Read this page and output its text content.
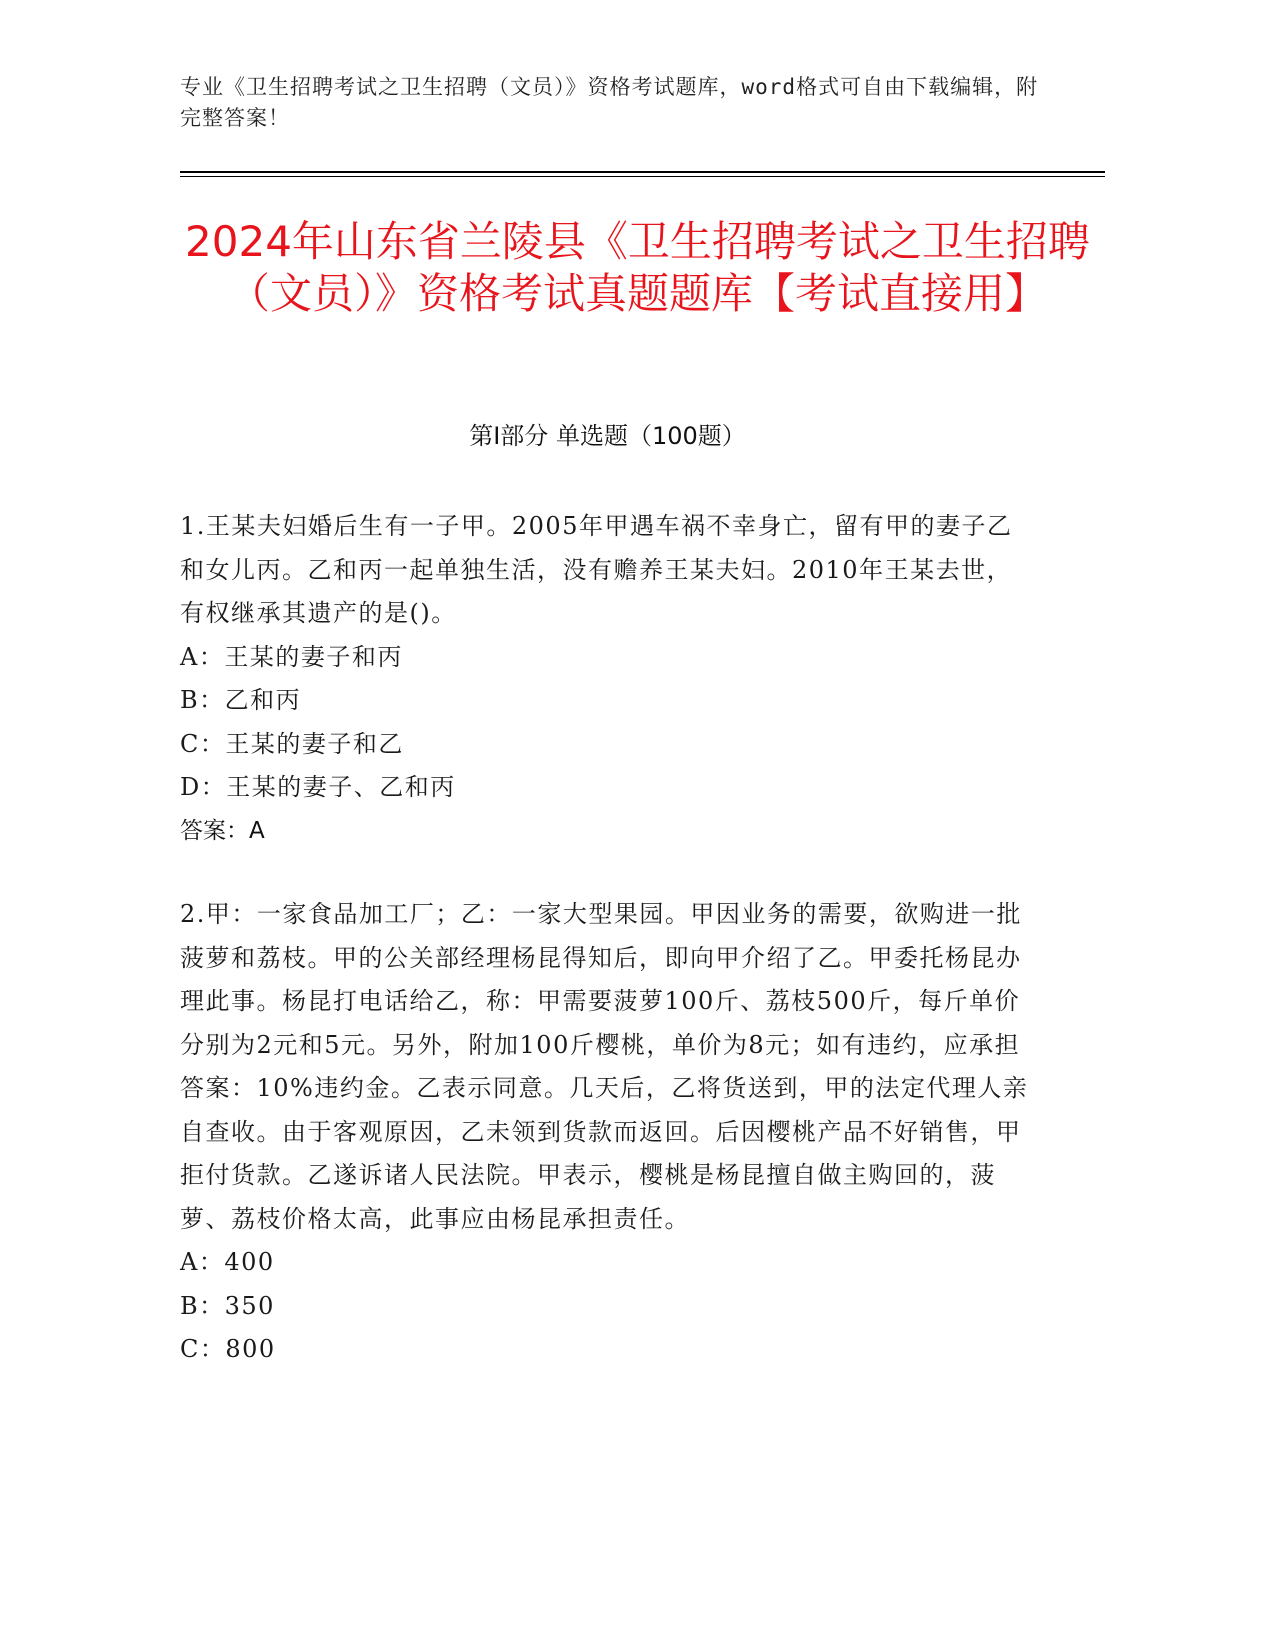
专业《卫生招聘考试之卫生招聘（文员）》资格考试题库，word格式可自由下载编辑，附完整答案！
2024年山东省兰陵县《卫生招聘考试之卫生招聘（文员）》资格考试真题题库【考试直接用】
第Ⅰ部分 单选题（100题）

1.王某夫妇婚后生有一子甲。2005年甲遇车祸不幸身亡，留有甲的妻子乙和女儿丙。乙和丙一起单独生活，没有赡养王某夫妇。2010年王某去世，有权继承其遗产的是()。

A：王某的妻子和丙

B：乙和丙

C：王某的妻子和乙

D：王某的妻子、乙和丙

答案：A

2.甲：一家食品加工厂；乙：一家大型果园。甲因业务的需要，欲购进一批菠萝和荔枝。甲的公关部经理杨昆得知后，即向甲介绍了乙。甲委托杨昆办理此事。杨昆打电话给乙，称：甲需要菠萝100斤、荔枝500斤，每斤单价分别为2元和5元。另外，附加100斤樱桃，单价为8元；如有违约，应承担答案：10%违约金。乙表示同意。几天后，乙将货送到，甲的法定代理人亲自查收。由于客观原因，乙未领到货款而返回。后因樱桃产品不好销售，甲拒付货款。乙遂诉诸人民法院。甲表示，樱桃是杨昆擅自做主购回的，菠萝、荔枝价格太高，此事应由杨昆承担责任。

A：400

B：350

C：800
